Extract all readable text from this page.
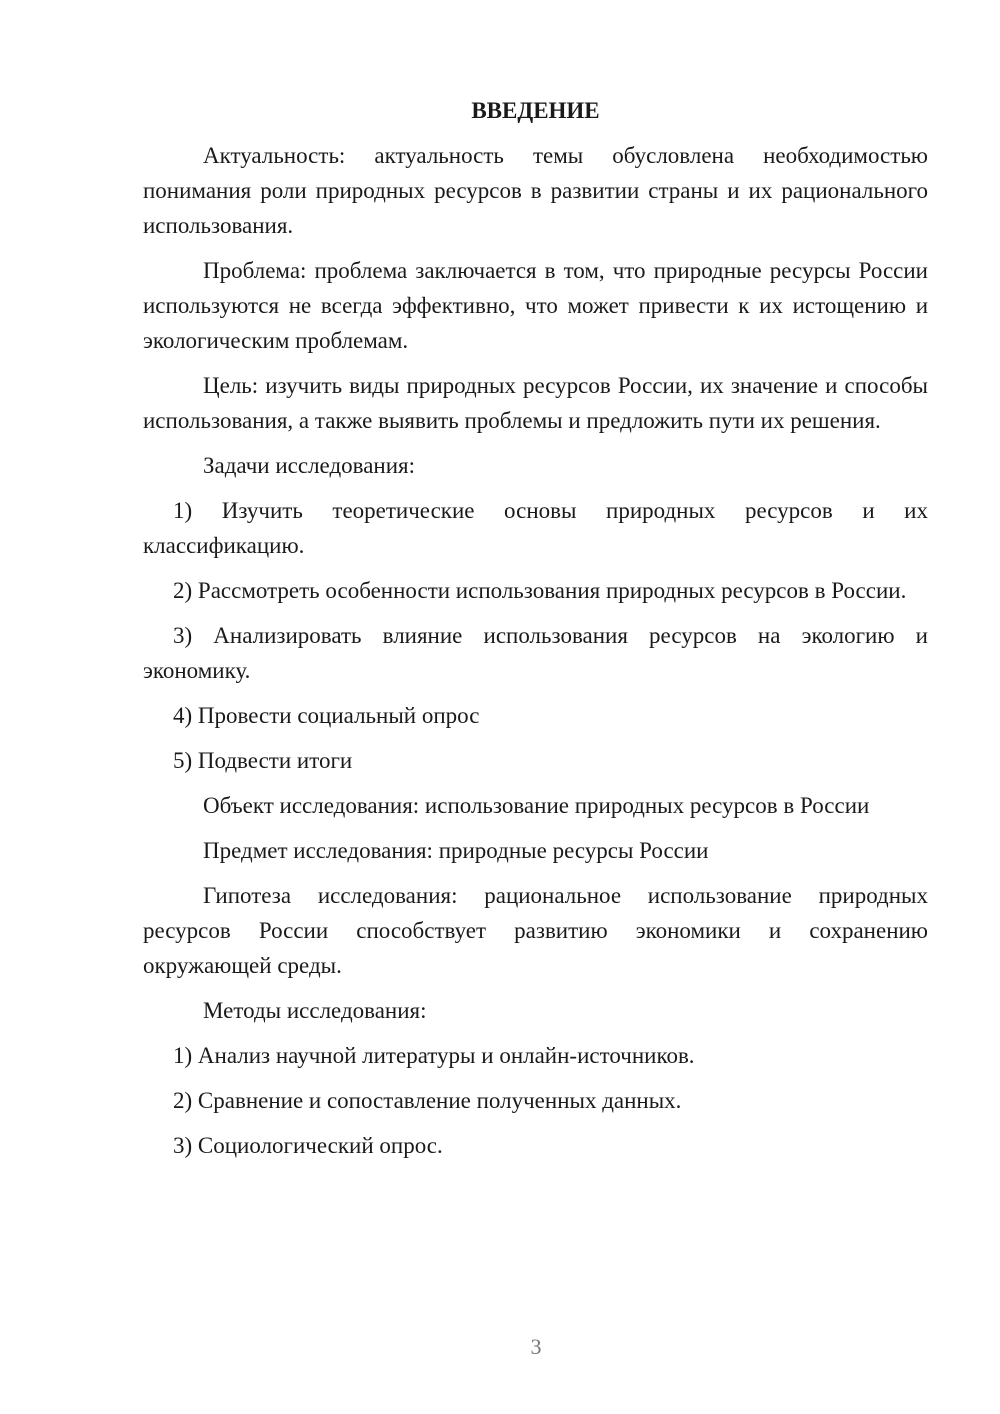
ВВЕДЕНИЕ

Актуальность: актуальность темы обусловлена необходимостью понимания роли природных ресурсов в развитии страны и их рационального использования.

Проблема: проблема заключается в том, что природные ресурсы России используются не всегда эффективно, что может привести к их истощению и экологическим проблемам.

Цель: изучить виды природных ресурсов России, их значение и способы использования, а также выявить проблемы и предложить пути их решения.

Задачи исследования:

1) Изучить теоретические основы природных ресурсов и их классификацию.

2) Рассмотреть особенности использования природных ресурсов в России.

3) Анализировать влияние использования ресурсов на экологию и экономику.

4) Провести социальный опрос

5) Подвести итоги

Объект исследования: использование природных ресурсов в России

Предмет исследования: природные ресурсы России

Гипотеза исследования: рациональное использование природных ресурсов России способствует развитию экономики и сохранению окружающей среды.

Методы исследования:

1) Анализ научной литературы и онлайн-источников.

2) Сравнение и сопоставление полученных данных.

3) Социологический опрос.

3
